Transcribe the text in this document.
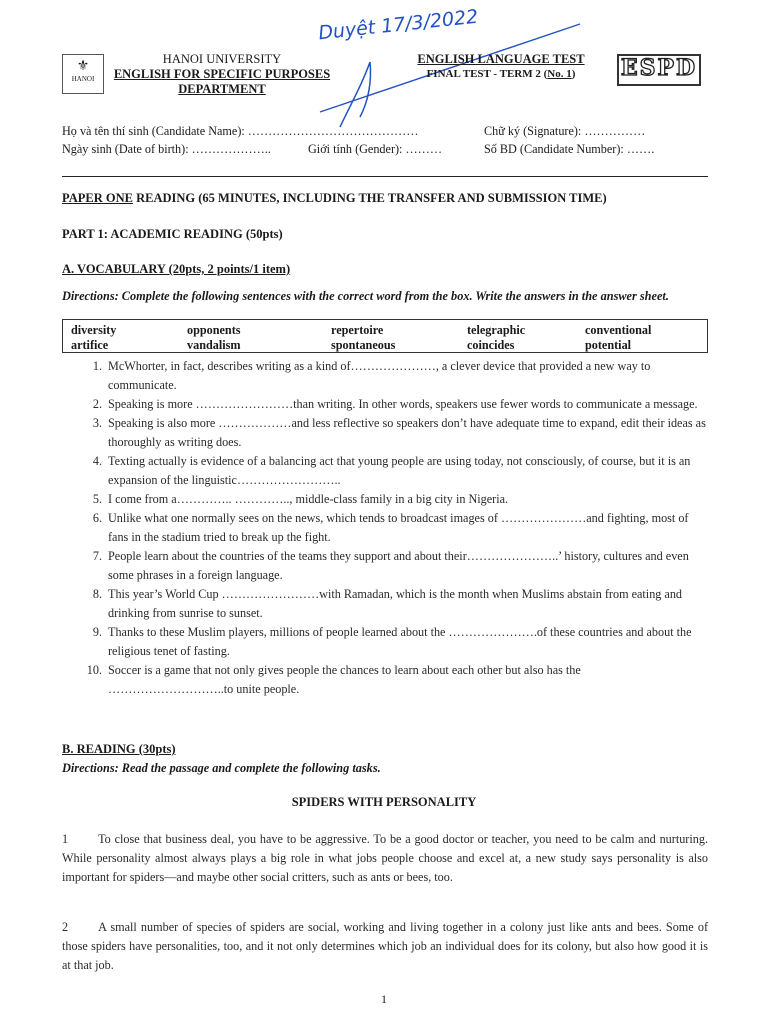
Duyệt 17/3/2022
⚜
HANOI
HANOI UNIVERSITY
ENGLISH FOR SPECIFIC PURPOSES
DEPARTMENT
ENGLISH LANGUAGE TEST
FINAL TEST - TERM 2 (No. 1)	ESPD

Họ và tên thí sinh (Candidate Name): ……………………………………	Chữ ký (Signature): ……………
Ngày sinh (Date of birth): ………………..	Giới tính (Gender): ………	Số BD (Candidate Number): …….
PAPER ONE READING (65 MINUTES, INCLUDING THE TRANSFER AND SUBMISSION TIME)
PART 1: ACADEMIC READING (50pts)
A. VOCABULARY (20pts, 2 points/1 item)
Directions: Complete the following sentences with the correct word from the box. Write the answers in the answer sheet.
diversity	opponents	repertoire	telegraphic	conventional
artifice	vandalism	spontaneous	coincides	potential
1. McWhorter, in fact, describes writing as a kind of…………………, a clever device that provided a new way to communicate.
2. Speaking is more ……………………than writing. In other words, speakers use fewer words to communicate a message.
3. Speaking is also more ………………and less reflective so speakers don’t have adequate time to expand, edit their ideas as thoroughly as writing does.
4. Texting actually is evidence of a balancing act that young people are using today, not consciously, of course, but it is an expansion of the linguistic……………………..
5. I come from a………….. ………….., middle-class family in a big city in Nigeria.
6. Unlike what one normally sees on the news, which tends to broadcast images of …………………and fighting, most of fans in the stadium tried to break up the fight.
7. People learn about the countries of the teams they support and about their…………………..’ history, cultures and even some phrases in a foreign language.
8. This year’s World Cup ……………………with Ramadan, which is the month when Muslims abstain from eating and drinking from sunrise to sunset.
9. Thanks to these Muslim players, millions of people learned about the ………………….of these countries and about the religious tenet of fasting.
10. Soccer is a game that not only gives people the chances to learn about each other but also has the ………………………..to unite people.
B. READING (30pts)
Directions: Read the passage and complete the following tasks.
SPIDERS WITH PERSONALITY
1 To close that business deal, you have to be aggressive. To be a good doctor or teacher, you need to be calm and nurturing. While personality almost always plays a big role in what jobs people choose and excel at, a new study says personality is also important for spiders—and maybe other social critters, such as ants or bees, too.
2 A small number of species of spiders are social, working and living together in a colony just like ants and bees. Some of those spiders have personalities, too, and it not only determines which job an individual does for its colony, but also how good it is at that job.
1
